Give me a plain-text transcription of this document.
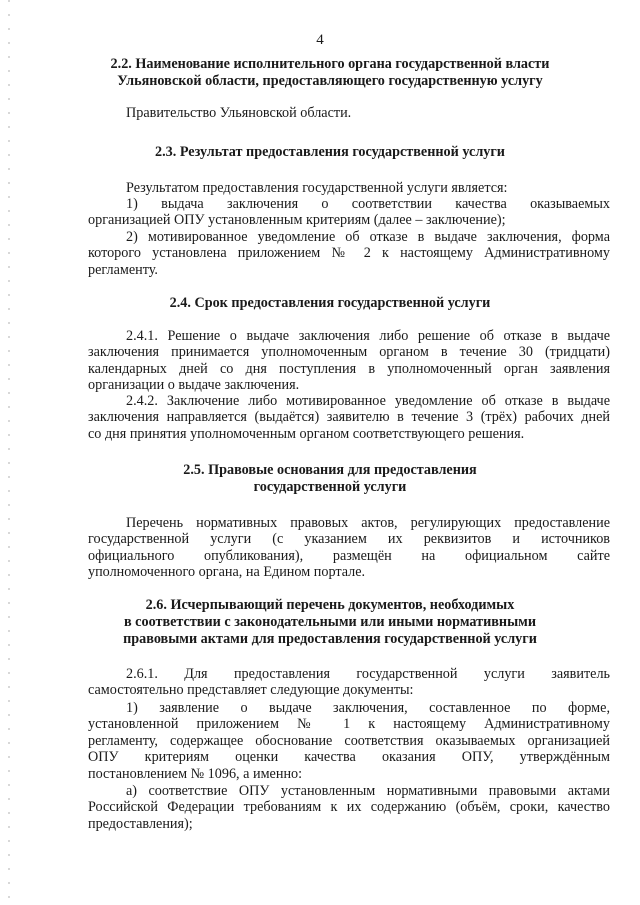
4
2.2. Наименование исполнительного органа государственной власти
Ульяновской области, предоставляющего государственную услугу
Правительство Ульяновской области.
2.3. Результат предоставления государственной услуги
Результатом предоставления государственной услуги является:
1) выдача заключения о соответствии качества оказываемых
организацией ОПУ установленным критериям (далее – заключение);
2) мотивированное уведомление об отказе в выдаче заключения, форма
которого установлена приложением № 2 к настоящему Административному
регламенту.
2.4. Срок предоставления государственной услуги
2.4.1. Решение о выдаче заключения либо решение об отказе в выдаче
заключения принимается уполномоченным органом в течение 30 (тридцати)
календарных дней со дня поступления в уполномоченный орган заявления
организации о выдаче заключения.
2.4.2. Заключение либо мотивированное уведомление об отказе в выдаче
заключения направляется (выдаётся) заявителю в течение 3 (трёх) рабочих дней
со дня принятия уполномоченным органом соответствующего решения.
2.5. Правовые основания для предоставления
государственной услуги
Перечень нормативных правовых актов, регулирующих предоставление
государственной услуги (с указанием их реквизитов и источников
официального опубликования), размещён на официальном сайте
уполномоченного органа, на Едином портале.
2.6. Исчерпывающий перечень документов, необходимых
в соответствии с законодательными или иными нормативными
правовыми актами для предоставления государственной услуги
2.6.1. Для предоставления государственной услуги заявитель
самостоятельно представляет следующие документы:
1) заявление о выдаче заключения, составленное по форме,
установленной приложением № 1 к настоящему Административному
регламенту, содержащее обоснование соответствия оказываемых организацией
ОПУ критериям оценки качества оказания ОПУ, утверждённым
постановлением № 1096, а именно:
а) соответствие ОПУ установленным нормативными правовыми актами
Российской Федерации требованиям к их содержанию (объём, сроки, качество
предоставления);
